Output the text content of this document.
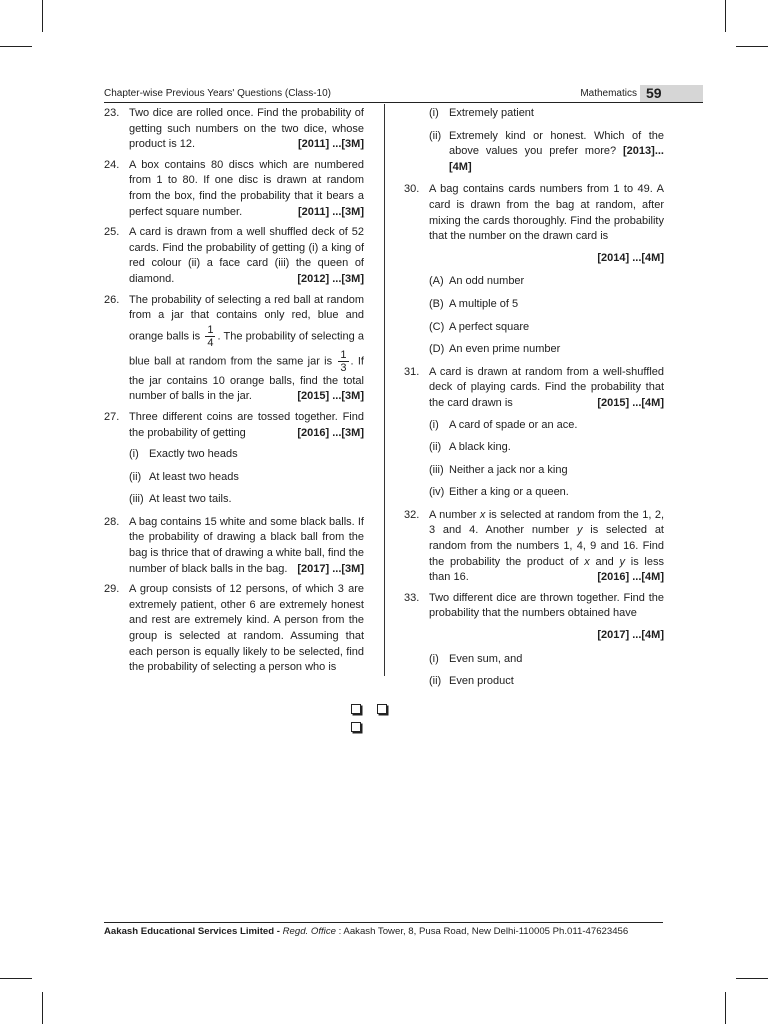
Chapter-wise Previous Years' Questions (Class-10)	Mathematics 59
23. Two dice are rolled once. Find the probability of getting such numbers on the two dice, whose product is 12.	[2011] ...[3M]
24. A box contains 80 discs which are numbered from 1 to 80. If one disc is drawn at random from the box, find the probability that it bears a perfect square number.	[2011] ...[3M]
25. A card is drawn from a well shuffled deck of 52 cards. Find the probability of getting (i) a king of red colour (ii) a face card (iii) the queen of diamond.	[2012] ...[3M]
26. The probability of selecting a red ball at random from a jar that contains only red, blue and orange balls is $\frac{1}{4}$ . The probability of selecting a blue ball at random from the same jar is $\frac{1}{3}$ . If the jar contains 10 orange balls, find the total number of balls in the jar.	[2015] ...[3M]
27. Three different coins are tossed together. Find the probability of getting	[2016] ...[3M]
(i) Exactly two heads
(ii) At least two heads
(iii) At least two tails.
28. A bag contains 15 white and some black balls. If the probability of drawing a black ball from the bag is thrice that of drawing a white ball, find the number of black balls in the bag. [2017] ...[3M]
29. A group consists of 12 persons, of which 3 are extremely patient, other 6 are extremely honest and rest are extremely kind. A person from the group is selected at random. Assuming that each person is equally likely to be selected, find the probability of selecting a person who is
(i) Extremely patient
(ii) Extremely kind or honest. Which of the above values you prefer more? [2013]...[4M]
30. A bag contains cards numbers from 1 to 49. A card is drawn from the bag at random, after mixing the cards thoroughly. Find the probability that the number on the drawn card is
[2014] ...[4M]
(A) An odd number
(B) A multiple of 5
(C) A perfect square
(D) An even prime number
31. A card is drawn at random from a well-shuffled deck of playing cards. Find the probability that the card drawn is	[2015] ...[4M]
(i) A card of spade or an ace.
(ii) A black king.
(iii) Neither a jack nor a king
(iv) Either a king or a queen.
32. A number x is selected at random from the 1, 2, 3 and 4. Another number y is selected at random from the numbers 1, 4, 9 and 16. Find the probability the product of x and y is less than 16.	[2016] ...[4M]
33. Two different dice are thrown together. Find the probability that the numbers obtained have
[2017] ...[4M]
(i) Even sum, and
(ii) Even product
Aakash Educational Services Limited - Regd. Office : Aakash Tower, 8, Pusa Road, New Delhi-110005 Ph.011-47623456
